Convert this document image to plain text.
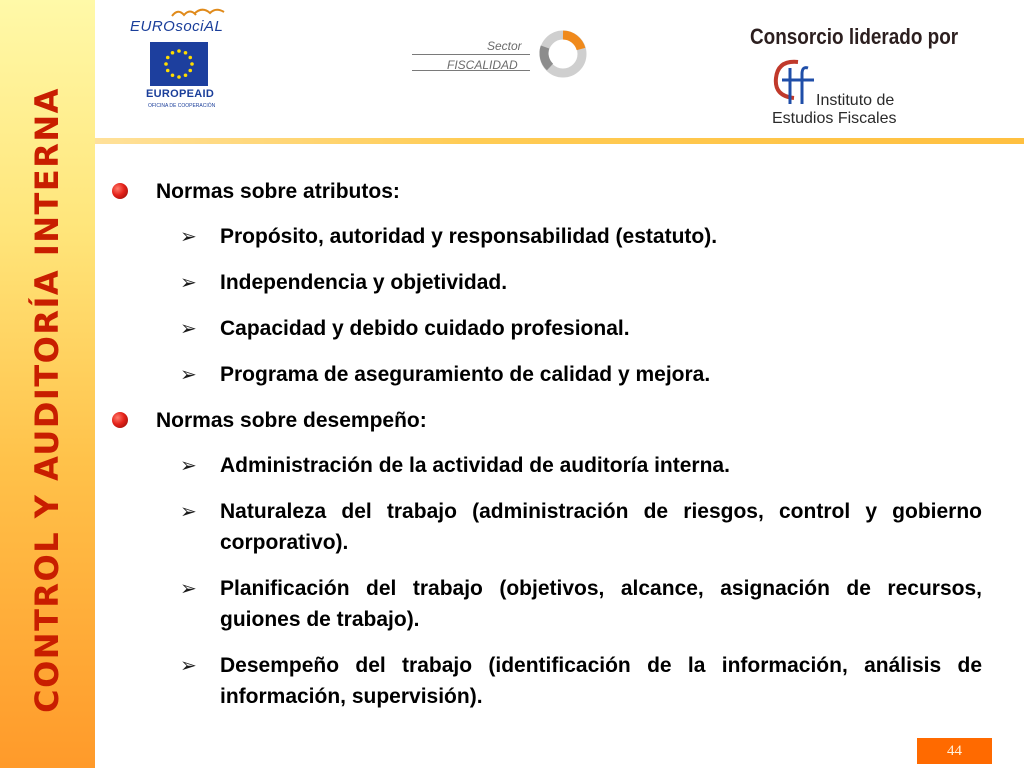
CONTROL Y AUDITORÍA INTERNA
EUROsociAL
EUROPEAID
OFICINA DE COOPERACIÓN
Sector
FISCALIDAD
Consorcio liderado por
Instituto de
Estudios Fiscales
Normas sobre atributos:
➢ Propósito, autoridad y responsabilidad (estatuto).
➢ Independencia y objetividad.
➢ Capacidad y debido cuidado profesional.
➢ Programa de aseguramiento de calidad y mejora.
Normas sobre desempeño:
➢ Administración de la actividad de auditoría interna.
➢ Naturaleza del trabajo (administración de riesgos, control y gobierno corporativo).
➢ Planificación del trabajo (objetivos, alcance, asignación de recursos, guiones de trabajo).
➢ Desempeño del trabajo (identificación de la información, análisis de información, supervisión).
44
